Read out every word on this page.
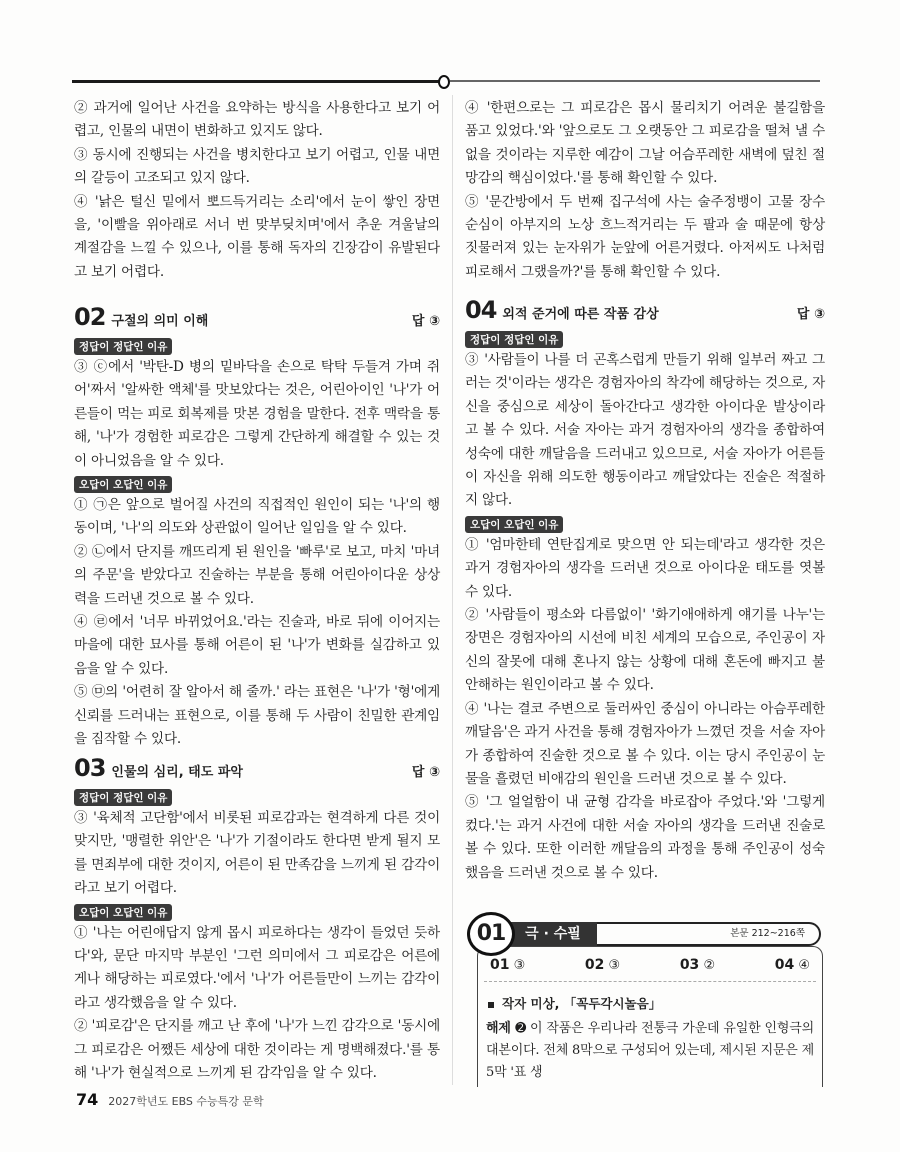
② 과거에 일어난 사건을 요약하는 방식을 사용한다고 보기 어렵고, 인물의 내면이 변화하고 있지도 않다.

③ 동시에 진행되는 사건을 병치한다고 보기 어렵고, 인물 내면의 갈등이 고조되고 있지 않다.

④ '낡은 털신 밑에서 뽀드득거리는 소리'에서 눈이 쌓인 장면을, '이빨을 위아래로 서너 번 맞부딪치며'에서 추운 겨울날의 계절감을 느낄 수 있으나, 이를 통해 독자의 긴장감이 유발된다고 보기 어렵다.

02 구절의 의미 이해	답 ③
정답이 정답인 이유

③ ⓒ에서 '박탄-D 병의 밑바닥을 손으로 탁탁 두들겨 가며 쥐어'짜서 '알싸한 액체'를 맛보았다는 것은, 어린아이인 '나'가 어른들이 먹는 피로 회복제를 맛본 경험을 말한다. 전후 맥락을 통해, '나'가 경험한 피로감은 그렇게 간단하게 해결할 수 있는 것이 아니었음을 알 수 있다.

오답이 오답인 이유

① ㉠은 앞으로 벌어질 사건의 직접적인 원인이 되는 '나'의 행동이며, '나'의 의도와 상관없이 일어난 일임을 알 수 있다.

② ㉡에서 단지를 깨뜨리게 된 원인을 '빠루'로 보고, 마치 '마녀의 주문'을 받았다고 진술하는 부분을 통해 어린아이다운 상상력을 드러낸 것으로 볼 수 있다.

④ ㉣에서 '너무 바뀌었어요.'라는 진술과, 바로 뒤에 이어지는 마을에 대한 묘사를 통해 어른이 된 '나'가 변화를 실감하고 있음을 알 수 있다.

⑤ ㉤의 '어련히 잘 알아서 해 줄까.' 라는 표현은 '나'가 '형'에게 신뢰를 드러내는 표현으로, 이를 통해 두 사람이 친밀한 관계임을 짐작할 수 있다.

03 인물의 심리, 태도 파악	답 ③
정답이 정답인 이유

③ '육체적 고단함'에서 비롯된 피로감과는 현격하게 다른 것이 맞지만, '맹렬한 위안'은 '나'가 기절이라도 한다면 받게 될지 모를 면죄부에 대한 것이지, 어른이 된 만족감을 느끼게 된 감각이라고 보기 어렵다.

오답이 오답인 이유

① '나는 어린애답지 않게 몹시 피로하다는 생각이 들었던 듯하다'와, 문단 마지막 부분인 '그런 의미에서 그 피로감은 어른에게나 해당하는 피로였다.'에서 '나'가 어른들만이 느끼는 감각이라고 생각했음을 알 수 있다.

② '피로감'은 단지를 깨고 난 후에 '나'가 느낀 감각으로 '동시에 그 피로감은 어쨌든 세상에 대한 것이라는 게 명백해졌다.'를 통해 '나'가 현실적으로 느끼게 된 감각임을 알 수 있다.

④ '한편으로는 그 피로감은 몹시 물리치기 어려운 불길함을 품고 있었다.'와 '앞으로도 그 오랫동안 그 피로감을 떨쳐 낼 수 없을 것이라는 지루한 예감이 그날 어슴푸레한 새벽에 덮친 절망감의 핵심이었다.'를 통해 확인할 수 있다.

⑤ '문간방에서 두 번째 집구석에 사는 술주정뱅이 고물 장수 순심이 아부지의 노상 흐느적거리는 두 팔과 술 때문에 항상 짓물러져 있는 눈자위가 눈앞에 어른거렸다. 아저씨도 나처럼 피로해서 그랬을까?'를 통해 확인할 수 있다.

04 외적 준거에 따른 작품 감상	답 ③
정답이 정답인 이유

③ '사람들이 나를 더 곤혹스럽게 만들기 위해 일부러 짜고 그러는 것'이라는 생각은 경험자아의 착각에 해당하는 것으로, 자신을 중심으로 세상이 돌아간다고 생각한 아이다운 발상이라고 볼 수 있다. 서술 자아는 과거 경험자아의 생각을 종합하여 성숙에 대한 깨달음을 드러내고 있으므로, 서술 자아가 어른들이 자신을 위해 의도한 행동이라고 깨달았다는 진술은 적절하지 않다.

오답이 오답인 이유

① '엄마한테 연탄집게로 맞으면 안 되는데'라고 생각한 것은 과거 경험자아의 생각을 드러낸 것으로 아이다운 태도를 엿볼 수 있다.

② '사람들이 평소와 다름없이' '화기애애하게 얘기를 나누'는 장면은 경험자아의 시선에 비친 세계의 모습으로, 주인공이 자신의 잘못에 대해 혼나지 않는 상황에 대해 혼돈에 빠지고 불안해하는 원인이라고 볼 수 있다.

④ '나는 결코 주변으로 둘러싸인 중심이 아니라는 아슴푸레한 깨달음'은 과거 사건을 통해 경험자아가 느꼈던 것을 서술 자아가 종합하여 진술한 것으로 볼 수 있다. 이는 당시 주인공이 눈물을 흘렸던 비애감의 원인을 드러낸 것으로 볼 수 있다.

⑤ '그 얼얼함이 내 균형 감각을 바로잡아 주었다.'와 '그렇게 컸다.'는 과거 사건에 대한 서술 자아의 생각을 드러낸 진술로 볼 수 있다. 또한 이러한 깨달음의 과정을 통해 주인공이 성숙했음을 드러낸 것으로 볼 수 있다.

01	극 · 수필	본문 212~216쪽
01 ③	02 ③	03 ②	04 ④
작자 미상, 「꼭두각시놀음」

해제 ➋ 이 작품은 우리나라 전통극 가운데 유일한 인형극의 대본이다. 전체 8막으로 구성되어 있는데, 제시된 지문은 제5막 '표 생

74 2027학년도 EBS 수능특강 문학
